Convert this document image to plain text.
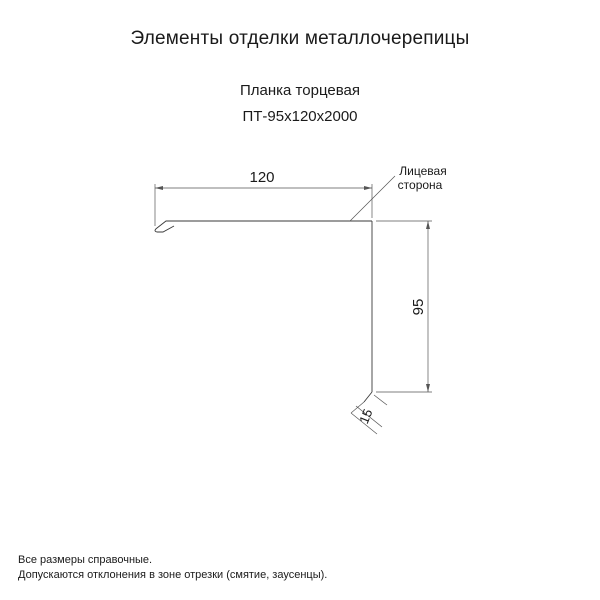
Элементы отделки металлочерепицы
Планка торцевая
ПТ-95х120х2000
120	Лицевая
сторона
95
15
Все размеры справочные.
Допускаются отклонения в зоне отрезки (смятие, заусенцы).
